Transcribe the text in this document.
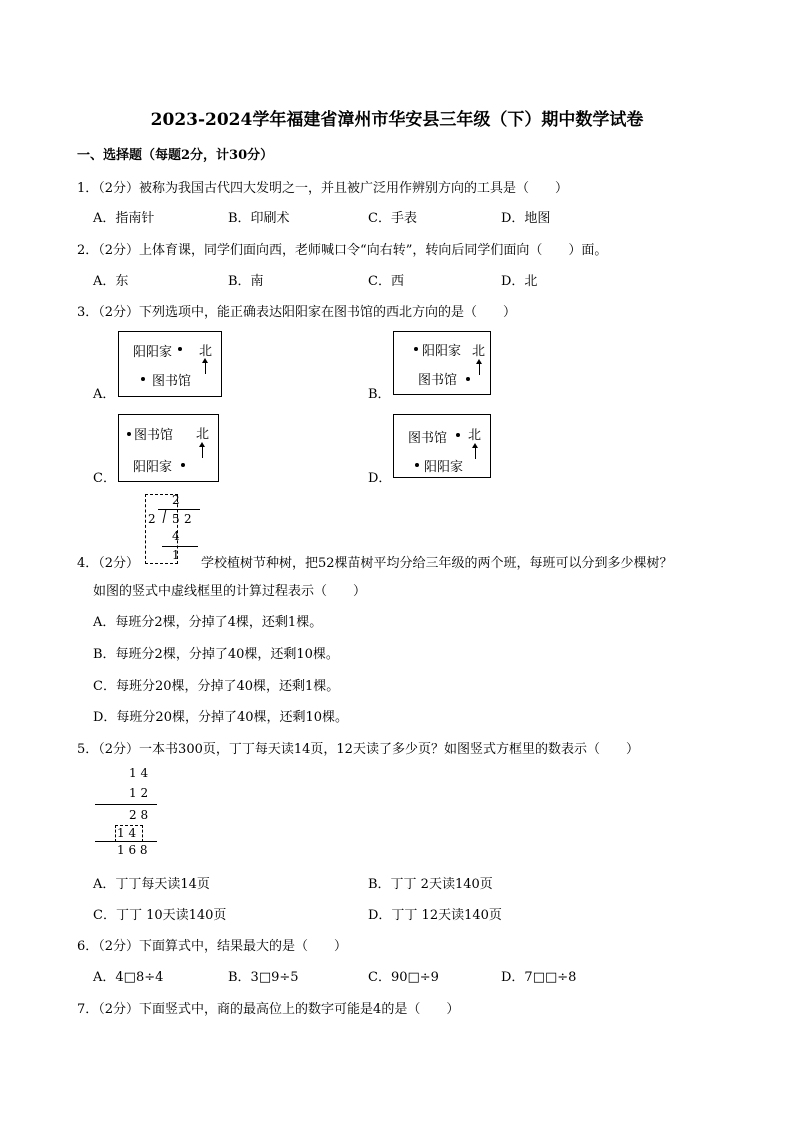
2023-2024学年福建省漳州市华安县三年级（下）期中数学试卷
一、选择题（每题2分，计30分）
1．（2分）被称为我国古代四大发明之一，并且被广泛用作辨别方向的工具是（　　）
A．指南针	B．印刷术	C．手表	D．地图
2．（2分）上体育课，同学们面向西，老师喊口令“向右转”，转向后同学们面向（　　）面。
A．东	B．南	C．西	D．北
3．（2分）下列选项中，能正确表达阳阳家在图书馆的西北方向的是（　　）
A．
阳阳家 北
图书馆
B．
阳阳家 北
图书馆
C．
图书馆 北
阳阳家
D．
图书馆 北
阳阳家
2
2 5 2
4
1
4．（2分）	学校植树节种树，把52棵苗树平均分给三年级的两个班，每班可以分到多少棵树？
如图的竖式中虚线框里的计算过程表示（　　）
A．每班分2棵，分掉了4棵，还剩1棵。
B．每班分2棵，分掉了40棵，还剩10棵。
C．每班分20棵，分掉了40棵，还剩1棵。
D．每班分20棵，分掉了40棵，还剩10棵。
5．（2分）一本书300页，丁丁每天读14页，12天读了多少页？如图竖式方框里的数表示（　　）
1 4
1 2
2 8
1 4
1 6 8
A．丁丁每天读14页	B．丁丁 2天读140页
C．丁丁 10天读140页	D．丁丁 12天读140页
6．（2分）下面算式中，结果最大的是（　　）
A．4□8÷4	B．3□9÷5	C．90□÷9	D．7□□÷8
7．（2分）下面竖式中，商的最高位上的数字可能是4的是（　　）
